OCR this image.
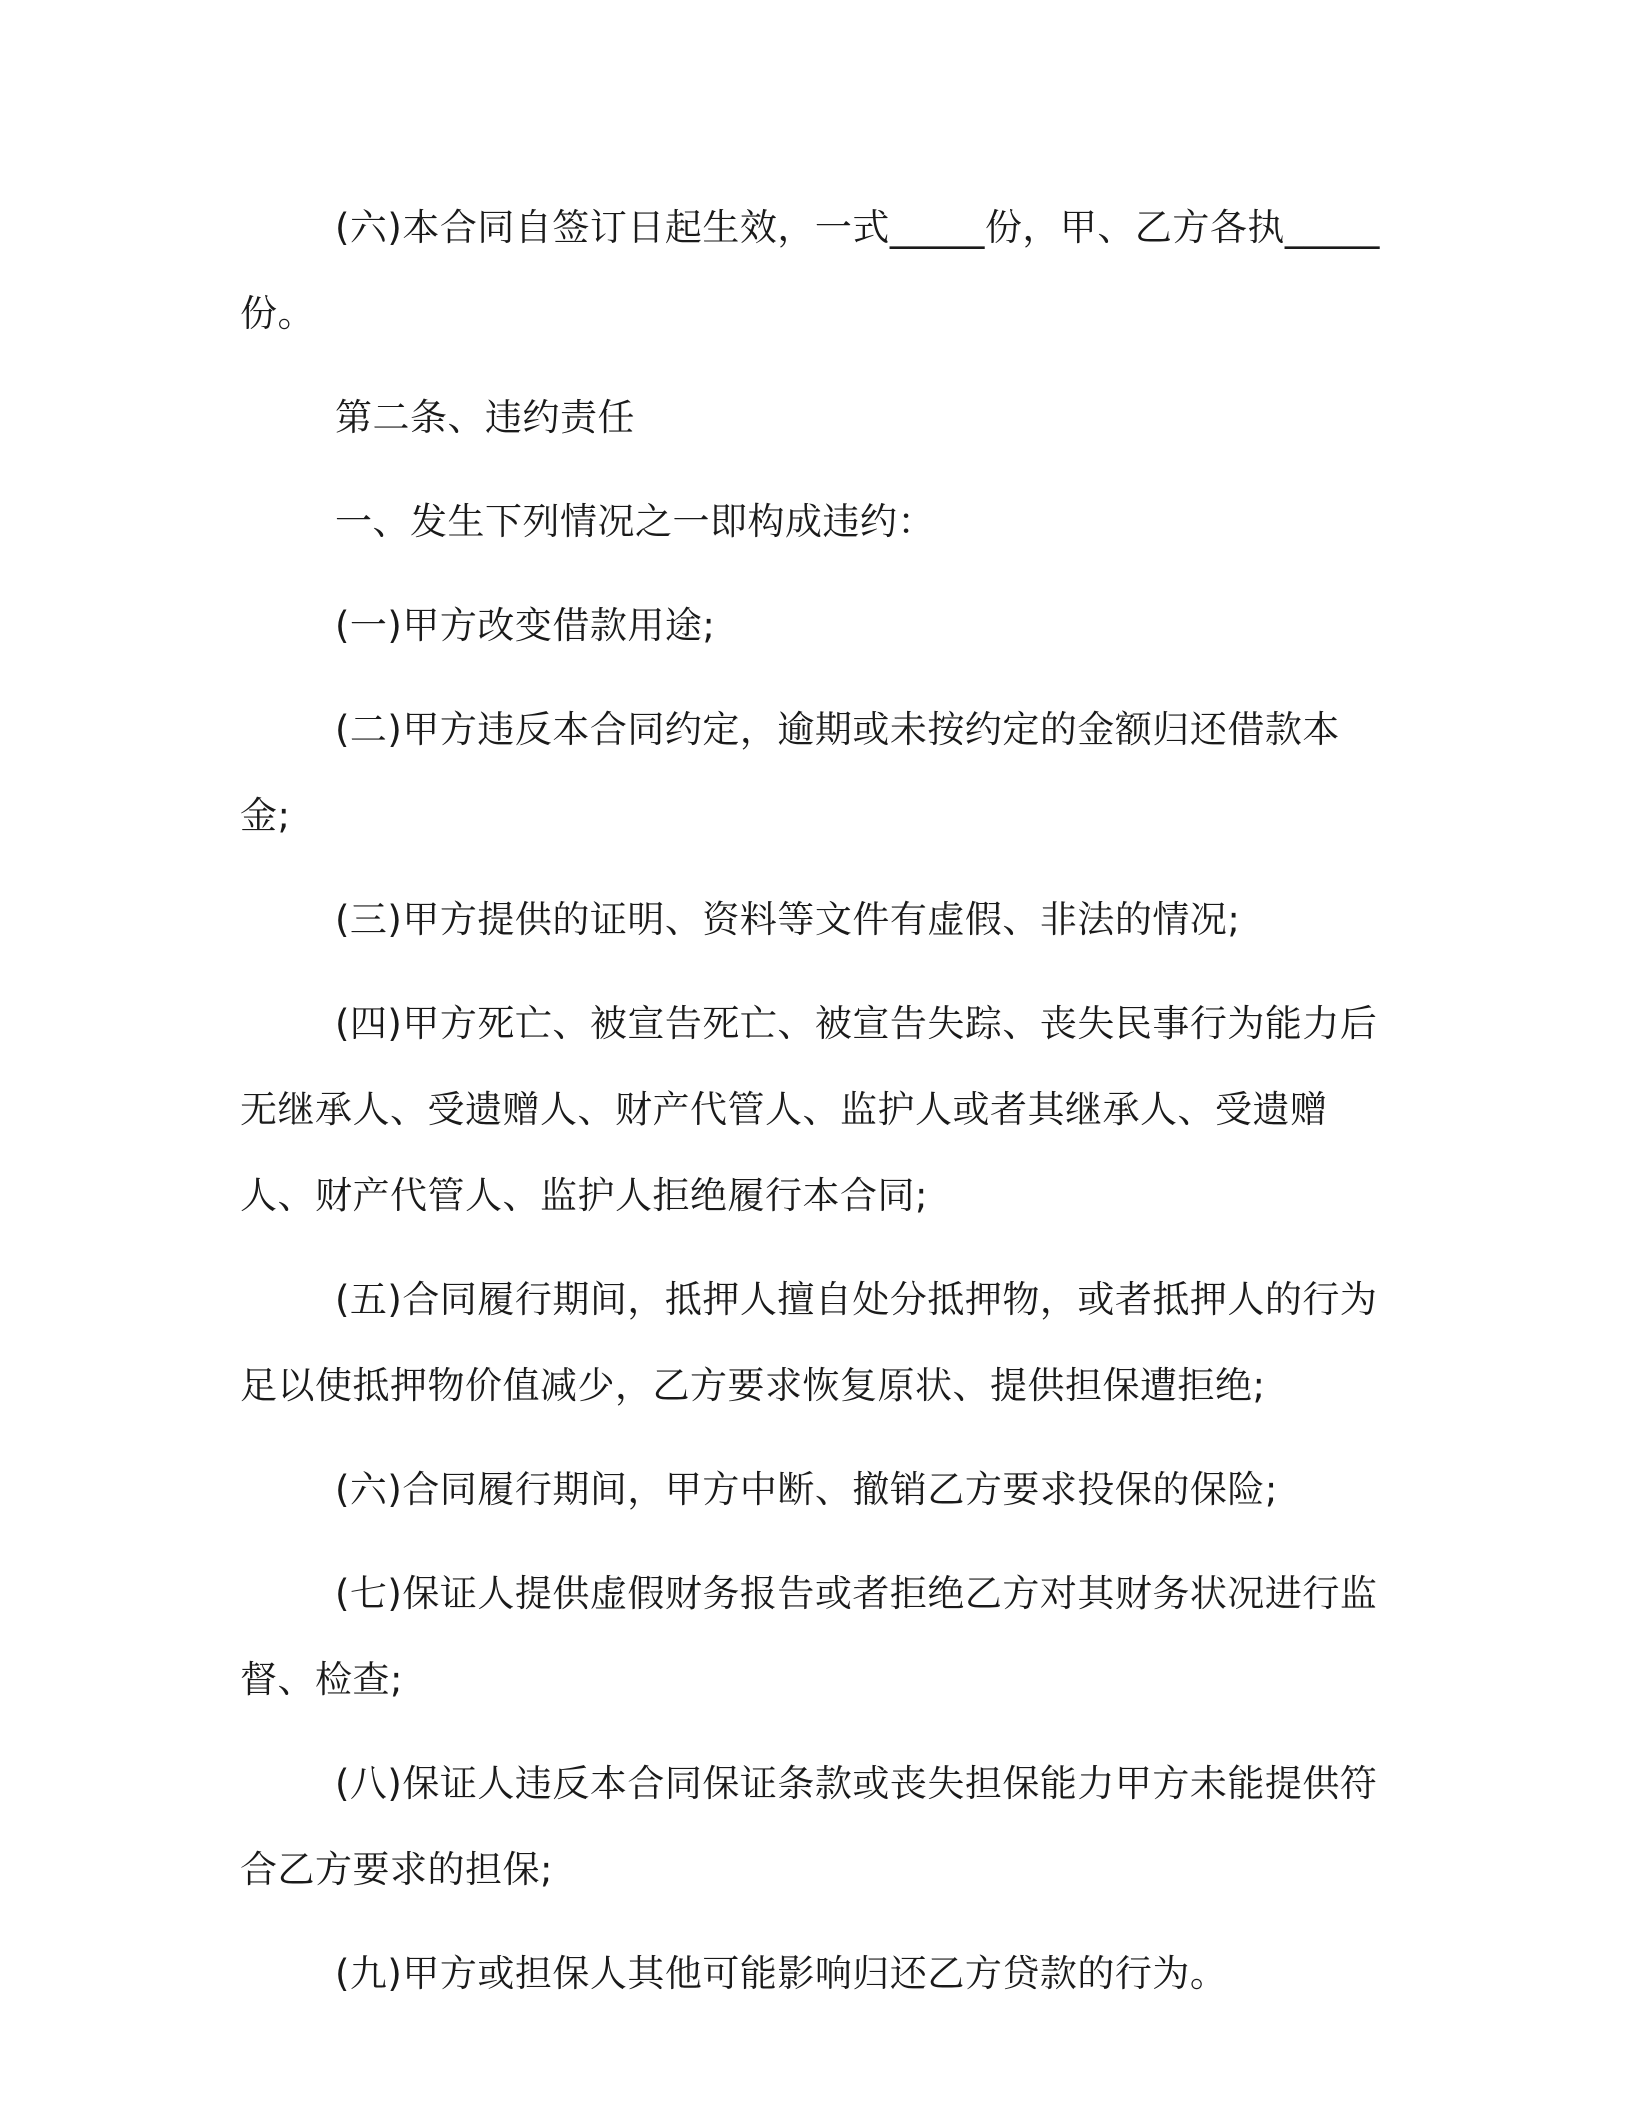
(六)本合同自签订日起生效，一式_____份，甲、乙方各执_____份。

第二条、违约责任

一、发生下列情况之一即构成违约：

(一)甲方改变借款用途;

(二)甲方违反本合同约定，逾期或未按约定的金额归还借款本金;

(三)甲方提供的证明、资料等文件有虚假、非法的情况;

(四)甲方死亡、被宣告死亡、被宣告失踪、丧失民事行为能力后无继承人、受遗赠人、财产代管人、监护人或者其继承人、受遗赠人、财产代管人、监护人拒绝履行本合同;

(五)合同履行期间，抵押人擅自处分抵押物，或者抵押人的行为足以使抵押物价值减少，乙方要求恢复原状、提供担保遭拒绝;

(六)合同履行期间，甲方中断、撤销乙方要求投保的保险;

(七)保证人提供虚假财务报告或者拒绝乙方对其财务状况进行监督、检查;

(八)保证人违反本合同保证条款或丧失担保能力甲方未能提供符合乙方要求的担保;

(九)甲方或担保人其他可能影响归还乙方贷款的行为。
